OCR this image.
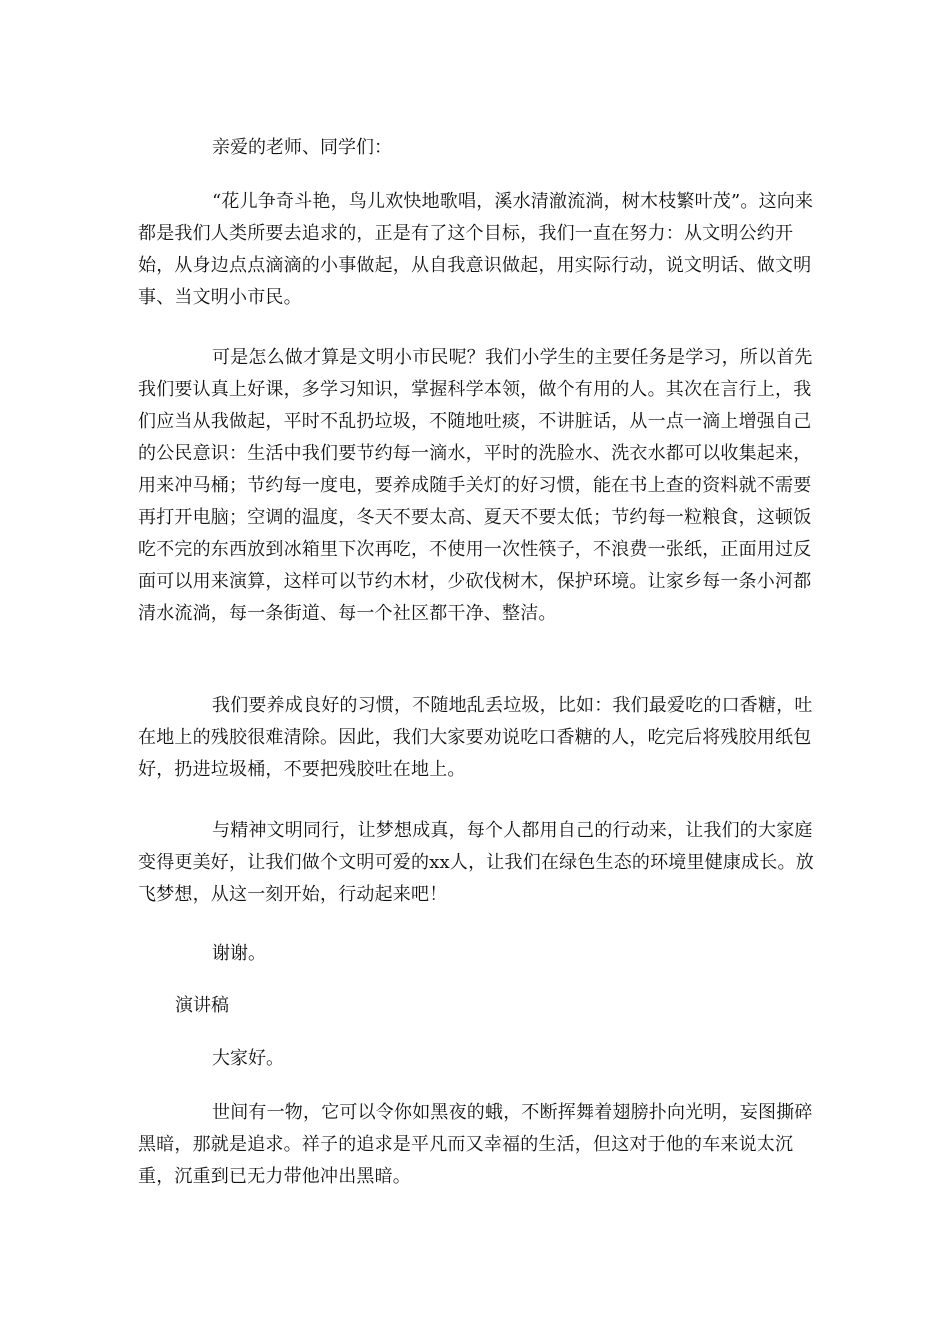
亲爱的老师、同学们：
“花儿争奇斗艳，鸟儿欢快地歌唱，溪水清澈流淌，树木枝繁叶茂”。这向来都是我们人类所要去追求的，正是有了这个目标，我们一直在努力：从文明公约开始，从身边点点滴滴的小事做起，从自我意识做起，用实际行动，说文明话、做文明事、当文明小市民。
可是怎么做才算是文明小市民呢？我们小学生的主要任务是学习，所以首先我们要认真上好课，多学习知识，掌握科学本领，做个有用的人。其次在言行上，我们应当从我做起，平时不乱扔垃圾，不随地吐痰，不讲脏话，从一点一滴上增强自己的公民意识：生活中我们要节约每一滴水，平时的洗脸水、洗衣水都可以收集起来，用来冲马桶；节约每一度电，要养成随手关灯的好习惯，能在书上查的资料就不需要再打开电脑；空调的温度，冬天不要太高、夏天不要太低；节约每一粒粮食，这顿饭吃不完的东西放到冰箱里下次再吃，不使用一次性筷子，不浪费一张纸，正面用过反面可以用来演算，这样可以节约木材，少砍伐树木，保护环境。让家乡每一条小河都清水流淌，每一条街道、每一个社区都干净、整洁。
我们要养成良好的习惯，不随地乱丢垃圾，比如：我们最爱吃的口香糖，吐在地上的残胶很难清除。因此，我们大家要劝说吃口香糖的人，吃完后将残胶用纸包好，扔进垃圾桶，不要把残胶吐在地上。
与精神文明同行，让梦想成真，每个人都用自己的行动来，让我们的大家庭变得更美好，让我们做个文明可爱的xx人，让我们在绿色生态的环境里健康成长。放飞梦想，从这一刻开始，行动起来吧！
谢谢。
演讲稿
大家好。
世间有一物，它可以令你如黑夜的蛾，不断挥舞着翅膀扑向光明，妄图撕碎黑暗，那就是追求。祥子的追求是平凡而又幸福的生活，但这对于他的车来说太沉重，沉重到已无力带他冲出黑暗。
